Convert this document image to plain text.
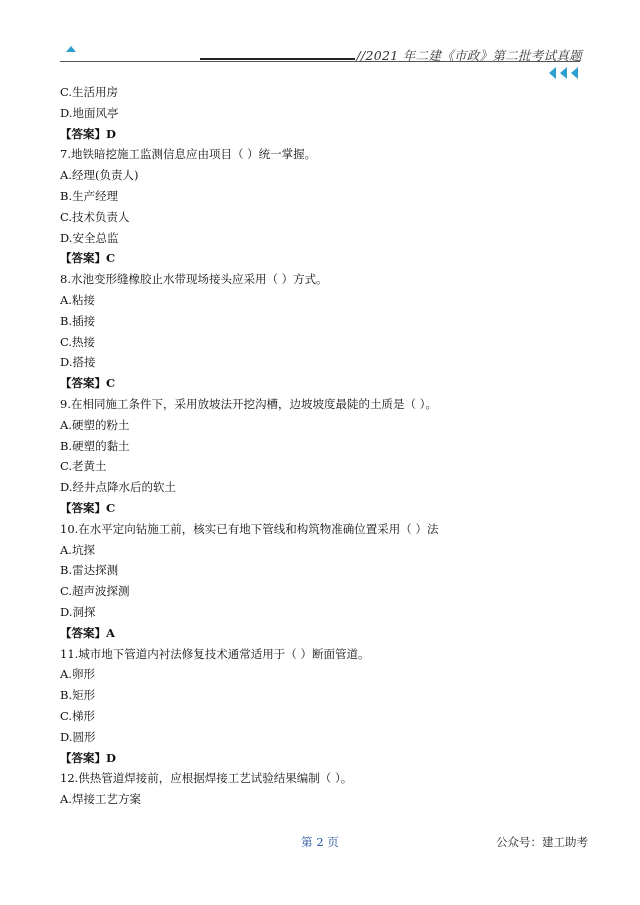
//2021 年二建《市政》第二批考试真题
C.生活用房
D.地面风亭
【答案】D
7.地铁暗挖施工监测信息应由项目（ ）统一掌握。
A.经理(负责人)
B.生产经理
C.技术负责人
D.安全总监
【答案】C
8.水池变形缝橡胶止水带现场接头应采用（ ）方式。
A.粘接
B.插接
C.热接
D.搭接
【答案】C
9.在相同施工条件下，采用放坡法开挖沟槽，边坡坡度最陡的土质是（ ）。
A.硬塑的粉土
B.硬塑的黏土
C.老黄土
D.经井点降水后的软土
【答案】C
10.在水平定向钻施工前，核实已有地下管线和构筑物准确位置采用（ ）法
A.坑探
B.雷达探测
C.超声波探测
D.洞探
【答案】A
11.城市地下管道内衬法修复技术通常适用于（ ）断面管道。
A.卵形
B.矩形
C.梯形
D.圆形
【答案】D
12.供热管道焊接前，应根据焊接工艺试验结果编制（ ）。
A.焊接工艺方案
第 2 页	公众号：建工助考
